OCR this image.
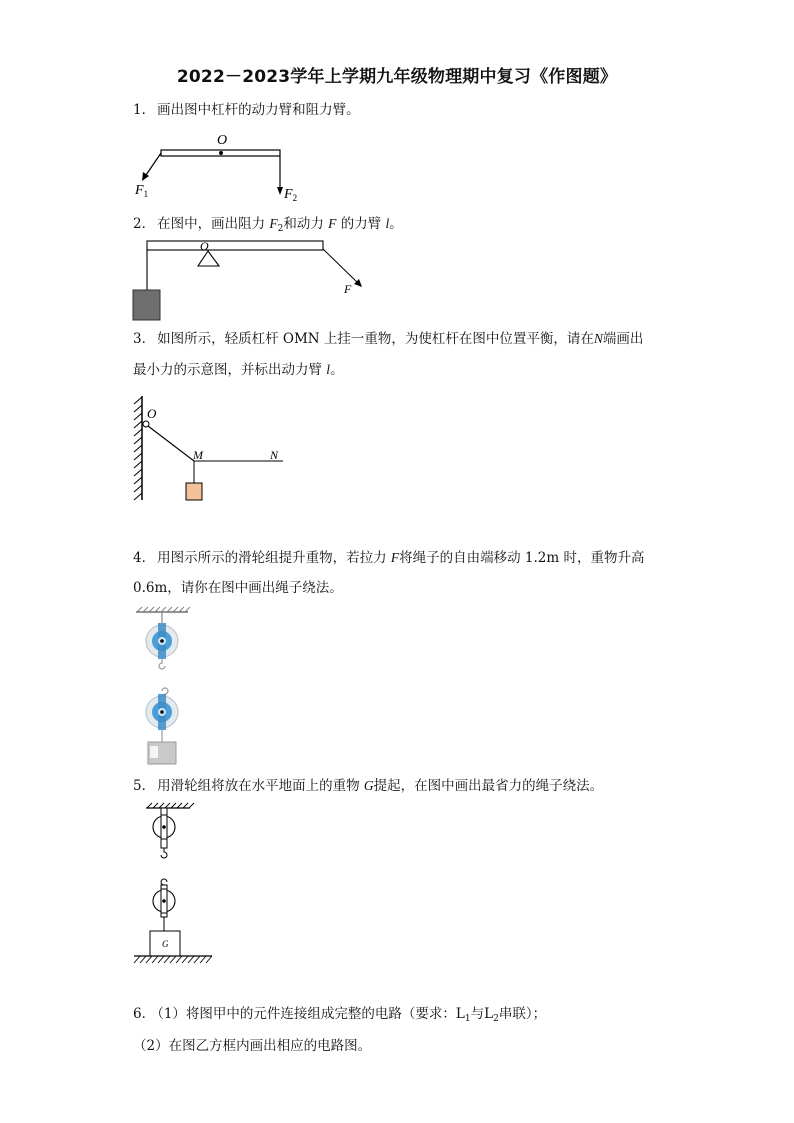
2022－2023学年上学期九年级物理期中复习《作图题》
1． 画出图中杠杆的动力臂和阻力臂。
O
$F_1$	$F_2$
2． 在图中，画出阻力 $F_2$和动力 F 的力臂 l。
O
F
3． 如图所示，轻质杠杆 OMN 上挂一重物，为使杠杆在图中位置平衡，请在N端画出
最小力的示意图，并标出动力臂 l。
O
M	N
4． 用图示所示的滑轮组提升重物，若拉力 F将绳子的自由端移动 1.2m 时，重物升高
0.6m，请你在图中画出绳子绕法。
5． 用滑轮组将放在水平地面上的重物 G提起，在图中画出最省力的绳子绕法。
G
6． （1）将图甲中的元件连接组成完整的电路（要求：$L_1$与$L_2$串联）；
（2）在图乙方框内画出相应的电路图。
